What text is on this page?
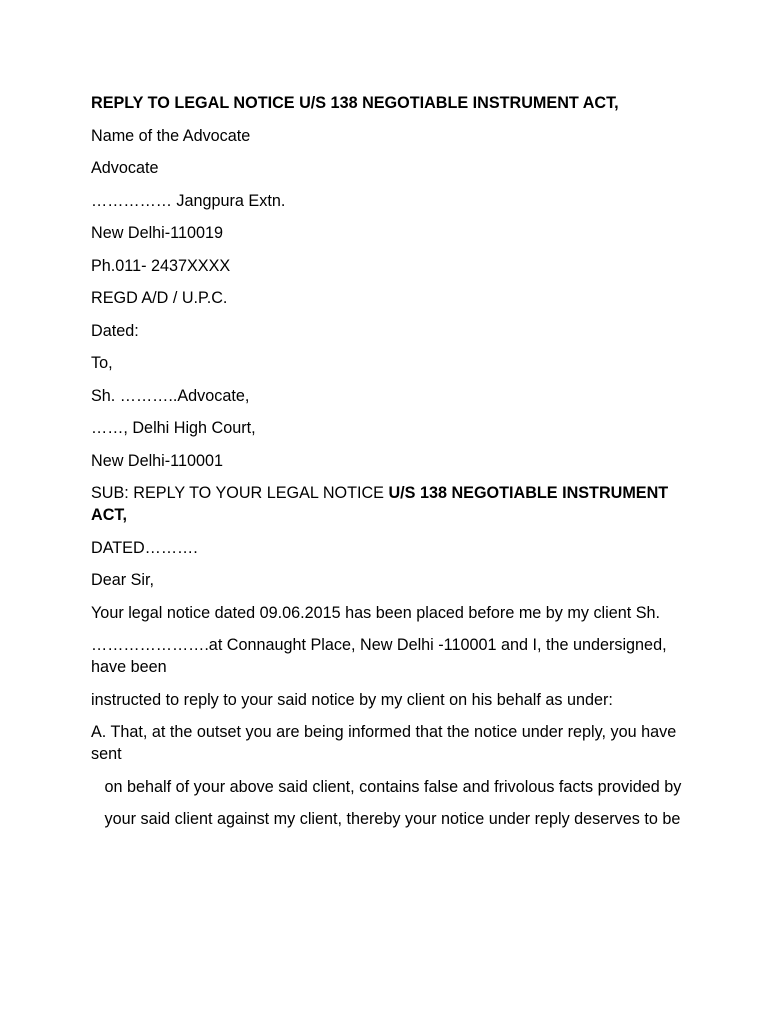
REPLY TO LEGAL NOTICE U/S 138 NEGOTIABLE INSTRUMENT ACT,
Name of the Advocate
Advocate
…………… Jangpura Extn.
New Delhi-110019
Ph.011- 2437XXXX
REGD A/D / U.P.C.
Dated:
To,
Sh. ………..Advocate,
……, Delhi High Court,
New Delhi-110001
SUB: REPLY TO YOUR LEGAL NOTICE U/S 138 NEGOTIABLE INSTRUMENT ACT,
DATED……….
Dear Sir,
Your legal notice dated 09.06.2015 has been placed before me by my client Sh.
………………….at Connaught Place, New Delhi -110001 and I, the undersigned, have been
instructed to reply to your said notice by my client on his behalf as under:
A. That, at the outset you are being informed that the notice under reply, you have sent
on behalf of your above said client, contains false and frivolous facts provided by
your said client against my client, thereby your notice under reply deserves to be
